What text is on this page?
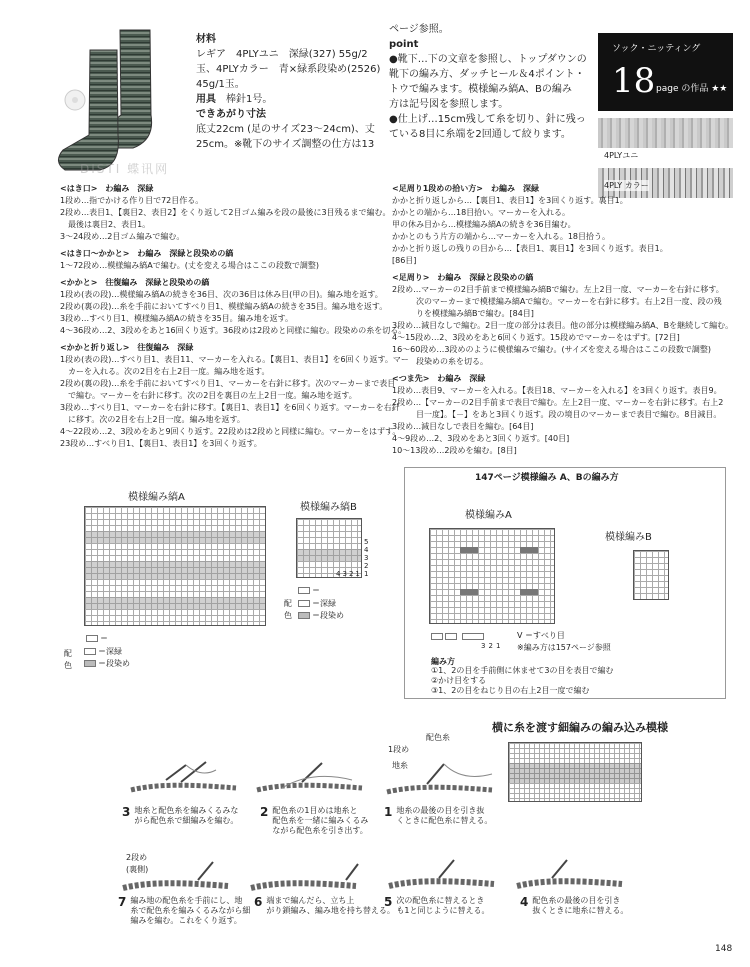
材料
レギア　4PLYユニ　深緑(327) 55g/2
玉、4PLYカラー　青×緑系段染め(2526)
45g/1玉。
用具　 棒針1号。
できあがり寸法
底丈22cm (足のサイズ23～24cm)、丈
25cm。※靴下のサイズ調整の仕方は13
ページ参照。
point
●靴下…下の文章を参照し、トップダウンの
靴下の編み方、ダッチヒール＆4ポイント・
トウで編みます。模様編み縞A、Bの編み
方は記号図を参照します。
●仕上げ…15cm残して糸を切り、針に残っ
ている8目に糸端を2回通して絞ります。
ソック・ニッティング
18 page の作品 ★★
4PLYユニ
4PLY カラー
DISTI 蝶讯网
<はき口>　わ編み　深緑
1段め…指でかける作り目で72目作る。
2段め…表目1、【裏目2、表目2】をくり返して2目ゴム編みを段の最後に3目残るまで編む。
　最後は裏目2、表目1。
3～24段め…2目ゴム編みで編む。
<はき口～かかと>　わ編み　深緑と段染めの縞
1～72段め…模様編み縞Aで編む。(丈を変える場合はここの段数で調整)
<かかと>　往復編み　深緑と段染めの縞
1段め(表の段)…模様編み縞Aの続きを36目、次の36目は休み目(甲の目)。編み地を返す。
2段め(裏の段)…糸を手前においてすべり目1、模様編み縞Aの続きを35目。編み地を返す。
3段め…すべり目1、模様編み縞Aの続きを35目。編み地を返す。
4～36段め…2、3段めをあと16回くり返す。36段めは2段めと同様に編む。段染めの糸を切る。
<かかと折り返し>　往復編み　深緑
1段め(表の段)…すべり目1、表目11、マーカーを入れる。【裏目1、表目1】を6回くり返す。マー
　カーを入れる。次の2目を右上2目一度。編み地を返す。
2段め(裏の段)…糸を手前においてすべり目1、マーカーを右針に移す。次のマーカーまで表目
　で編む。マーカーを右針に移す。次の2目を裏目の左上2目一度。編み地を返す。
3段め…すべり目1、マーカーを右針に移す。【裏目1、表目1】を6回くり返す。マーカーを右針
　に移す。次の2目を右上2目一度。編み地を返す。
4～22段め…2、3段めをあと9回くり返す。22段めは2段めと同様に編む。マーカーをはずす。
23段め…すべり目1、【裏目1、表目1】を3回くり返す。
<足周り1段めの拾い方>　わ編み　深緑
かかと折り返しから…【裏目1、表目1】を3回くり返す。裏目1。
かかとの端から…18目拾い。マーカーを入れる。
甲の休み目から…模様編み縞Aの続きを36目編む。
かかとのもう片方の端から…マーカーを入れる。18目拾う。
かかと折り返しの残りの目から…【表目1、裏目1】を3回くり返す。表目1。
[86目]
<足周り>　わ編み　深緑と段染めの縞
2段め…マーカーの2目手前まで模様編み縞Bで編む。左上2目一度、マーカーを右針に移す。
　　　次のマーカーまで模様編み縞Aで編む。マーカーを右針に移す。右上2目一度、段の残
　　　りを模様編み縞Bで編む。[84目]
3段め…減目なしで編む。2目一度の部分は表目。他の部分は模様編み縞A、Bを継続して編む。
4～15段め…2、3段めをあと6回くり返す。15段めでマーカーをはずす。[72目]
16～60段め…3段めのように模様編みで編む。(サイズを変える場合はここの段数で調整)
　　　段染めの糸を切る。
<つま先>　わ編み　深緑
1段め…表目9、マーカーを入れる。【表目18、マーカーを入れる】を3回くり返す。表目9。
2段め…【マーカーの2目手前まで表目で編む。左上2目一度、マーカーを右針に移す。右上2
　　　目一度】。【－】をあと3回くり返す。段の境目のマーカーまで表目で編む。8目減目。
3段め…減目なしで表目を編む。[64目]
4～9段め…2、3段めをあと3回くり返す。[40目]
10～13段め…2段めを編む。[8目]
模様編み縞A
＝
配色
＝深緑
＝段染め
模様編み縞B
5
4
3
2
1
4 3 2 1
＝
配色
＝深緑
＝段染め
147ページ模様編み A、Bの編み方
模様編みA
模様編みB

3 2 1
V ＝すべり目
※編み方は157ページ参照
編み方
①1、2の目を手前側に休ませて3の目を表目で編む
②かけ目をする
③1、2の目をねじり目の右上2目一度で編む
横に糸を渡す細編みの編み込み模様
1段め
配色糸
地糸
2段め
(裏側)
3 地糸と配色糸を編みくるみな
がら配色糸で細編みを編む。
2 配色糸の1目めは地糸と
配色糸を一緒に編みくるみ
ながら配色糸を引き出す。
1 地糸の最後の目を引き抜
くときに配色糸に替える。
7 編み地の配色糸を手前にし、地
糸で配色糸を編みくるみながら細
編みを編む。これをくり返す。
6 端まで編んだら、立ち上
がり鎖編み、編み地を持ち替える。
5 次の配色糸に替えるとき
も1と同じように替える。
4 配色糸の最後の目を引き
抜くときに地糸に替える。
148
